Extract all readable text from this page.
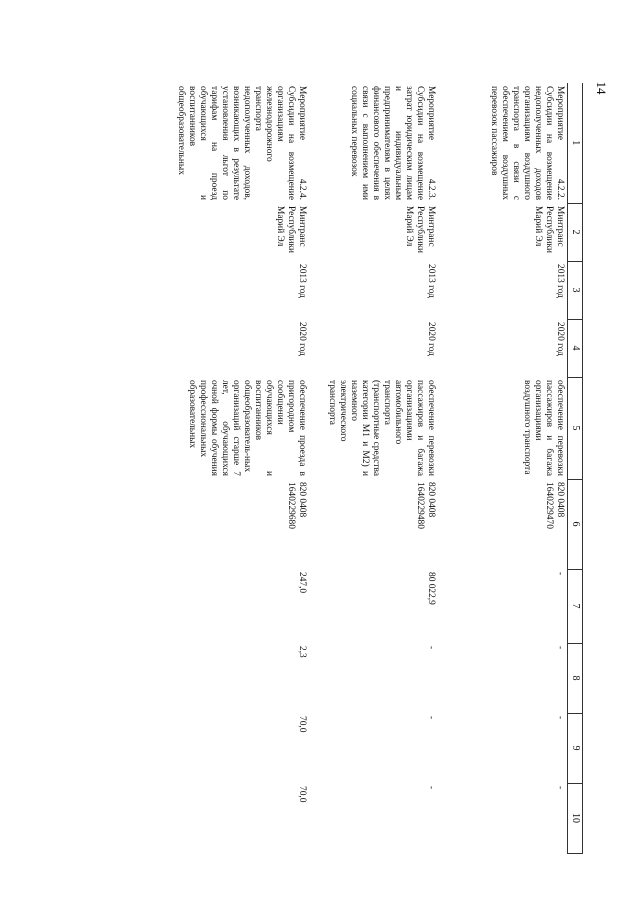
14
1	2	3	4	5	6	7	8	9	10
Мероприятие 4.2.2. Субсидии на возмещение недополученных доходов организациям воздушного транспорта в связи с обеспечением воздушных перевозок пассажиров	Минтранс Республики Марий Эл	2013 год	2020 год	обеспечение перевозки пассажиров и багажа организациями воздушного транспорта	820 0408 1640229470	-	-	-	-
Мероприятие 4.2.3. Субсидии на возмещение затрат юридическим лицам и индивидуальным предпринимателям в целях финансового обеспечения в связи с выполнением ими социальных перевозок	Минтранс Республики Марий Эл	2013 год	2020 год	обеспечение перевозки пассажиров и багажа организациями автомобильного транспорта (транспортные средства категории М1 и М2) и наземного электрического транспорта	820 0408 1640229480	80 022,9	-	-	-
Мероприятие 4.2.4. Субсидии на возмещение организациям железнодорожного транспорта недополученных доходов, возникающих в результате установления льгот по тарифам на проезд обучающихся и воспитанников общеобразовательных	Минтранс Республики Марий Эл	2013 год	2020 год	обеспечение проезда в пригородном сообщении обучающихся и воспитанников общеобразователь-ных организаций старше 7 лет, обучающихся очной формы обучения профессиональных образовательных	820 0408 1640229680	247,0	2,3	70,0	70,0
